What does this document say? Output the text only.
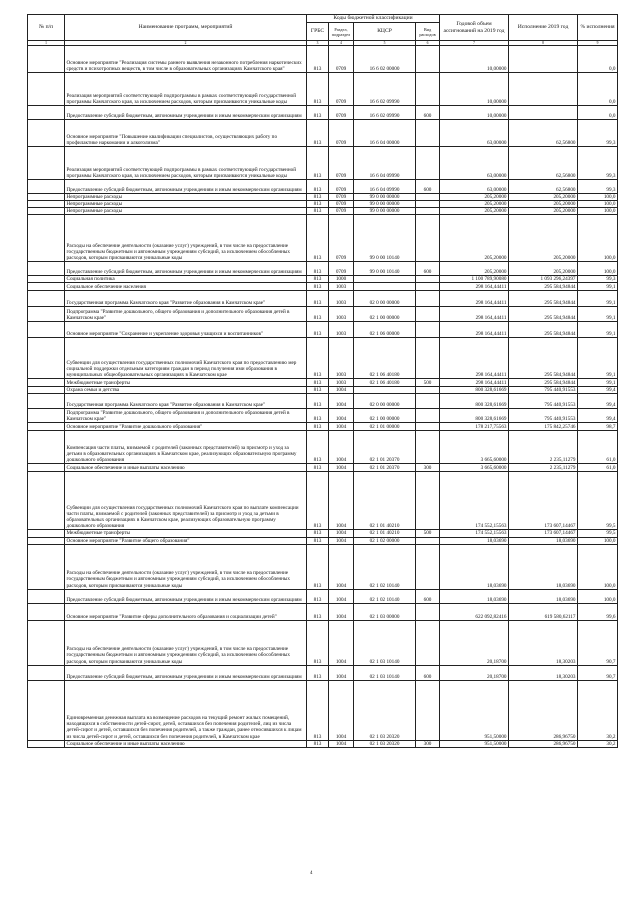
№ п/п	Наименование программ, мероприятий	Коды бюджетной классификации				Годовой объем ассигнований на 2019 год	Исполнение 2019 год	% исполнения
		ГРБС	Раздел, подраздел	КЦСР	Вид расходов			
1	2	3	4	5	6	7	8	9
	Основное мероприятие "Реализация системы раннего выявления незаконного потребления наркотических средств и психотропных веществ, в том числе в образовательных организациях Камчатского края"	813	0709	16 6 02 00000		10,00000		0,0
	Реализация мероприятий соответствующей подпрограммы в рамках соответствующей государственной программы Камчатского края, за исключением расходов, которым присваиваются уникальные коды	813	0709	16 6 02 09990		10,00000		0,0
	Предоставление субсидий бюджетным, автономным учреждениям и иным некоммерческим организациям	813	0709	16 6 02 09990	600	10,00000		0,0
	Основное мероприятие "Повышение квалификации специалистов, осуществляющих работу по профилактике наркомании и алкоголизма"	813	0709	16 6 04 00000		63,00000	62,56800	99,3
	Реализация мероприятий соответствующей подпрограммы в рамках соответствующей государственной программы Камчатского края, за исключением расходов, которым присваиваются уникальные коды	813	0709	16 6 04 09990		63,00000	62,56800	99,3
	Предоставление субсидий бюджетным, автономным учреждениям и иным некоммерческим организациям	813	0709	16 6 04 09990	600	63,00000	62,56800	99,3
	Непрограммные расходы	813	0709	99 0 00 00000		205,20000	205,20000	100,0
	Непрограммные расходы	813	0709	99 0 00 00000		205,20000	205,20000	100,0
	Непрограммные расходы	813	0709	99 0 00 00000		205,20000	205,20000	100,0
	Расходы на обеспечение деятельности (оказание услуг) учреждений, в том числе на предоставление государственным бюджетным и автономным учреждениям субсидий, за исключением обособленных расходов, которым присваиваются уникальные коды	813	0709	99 0 00 10140		205,20000	205,20000	100,0
	Предоставление субсидий бюджетным, автономным учреждениям и иным некоммерческим организациям	813	0709	99 0 00 10140	600	205,20000	205,20000	100,0
	Социальная политика	813	1000			1 100 789,90080	1 093 296,24397	99,3
	Социальное обеспечение населения	813	1003			298 164,44411	295 584,94844	99,1
	Государственная программа Камчатского края "Развитие образования в Камчатском крае"	813	1003	02 0 00 00000		298 164,44411	295 584,94844	99,1
	Подпрограмма "Развитие дошкольного, общего образования и дополнительного образования детей в Камчатском крае"	813	1003	02 1 00 00000		298 164,44411	295 584,94844	99,1
	Основное мероприятие "Сохранение и укрепление здоровья учащихся и воспитанников"	813	1003	02 1 06 00000		298 164,44411	295 584,94844	99,1
	Субвенции для осуществления государственных полномочий Камчатского края по предоставлению мер социальной поддержки отдельным категориям граждан в период получения ими образования в муниципальных общеобразовательных организациях в Камчатском крае	813	1003	02 1 06 40180		298 164,44411	295 584,94844	99,1
	Межбюджетные трансферты	813	1003	02 1 06 40180	500	298 164,44411	295 584,94844	99,1
	Охрана семьи и детства	813	1004			800 328,61669	795 440,91553	99,4
	Государственная программа Камчатского края "Развитие образования в Камчатском крае"	813	1004	02 0 00 00000		800 328,61669	795 440,91553	99,4
	Подпрограмма "Развитие дошкольного, общего образования и дополнительного образования детей в Камчатском крае"	813	1004	02 1 00 00000		800 328,61669	795 440,91553	99,4
	Основное мероприятие "Развитие дошкольного образования"	813	1004	02 1 01 00000		178 217,75563	175 842,25746	98,7
	Компенсация части платы, взимаемой с родителей (законных представителей) за присмотр и уход за детьми в образовательных организациях в Камчатском крае, реализующих образовательную программу дошкольного образования	813	1004	02 1 01 20370		3 665,60000	2 235,11279	61,0
	Социальное обеспечение и иные выплаты населению	813	1004	02 1 01 20370	300	3 665,60000	2 235,11279	61,0
	Субвенции для осуществления государственных полномочий Камчатского края по выплате компенсации части платы, взимаемой с родителей (законных представителей) за присмотр и уход за детьми в образовательных организациях в Камчатском крае, реализующих образовательную программу дошкольного образования	813	1004	02 1 01 40210		174 552,15563	173 607,14467	99,5
	Межбюджетные трансферты	813	1004	02 1 01 40210	500	174 552,15563	173 607,14467	99,5
	Основное мероприятие "Развитие общего образования"	813	1004	02 1 02 00000		18,03690	18,03690	100,0
	Расходы на обеспечение деятельности (оказание услуг) учреждений, в том числе на предоставление государственным бюджетным и автономным учреждениям субсидий, за исключением обособленных расходов, которым присваиваются уникальные коды	813	1004	02 1 02 10140		18,03690	18,03690	100,0
	Предоставление субсидий бюджетным, автономным учреждениям и иным некоммерческим организациям	813	1004	02 1 02 10140	600	18,03690	18,03690	100,0
	Основное мероприятие "Развитие сферы дополнительного образования и социализации детей"	813	1004	02 1 03 00000		622 092,82416	619 580,62117	99,6
	Расходы на обеспечение деятельности (оказание услуг) учреждений, в том числе на предоставление государственным бюджетным и автономным учреждениям субсидий, за исключением обособленных расходов, которым присваиваются уникальные коды	813	1004	02 1 03 10140		20,18700	18,30203	90,7
	Предоставление субсидий бюджетным, автономным учреждениям и иным некоммерческим организациям	813	1004	02 1 03 10140	600	20,18700	18,30203	90,7
	Единовременная денежная выплата на возмещение расходов на текущий ремонт жилых помещений, находящихся в собственности детей-сирот, детей, оставшихся без попечения родителей, лиц из числа детей-сирот и детей, оставшихся без попечения родителей, а также граждан, ранее относившихся к лицам из числа детей-сирот и детей, оставшихся без попечения родителей, в Камчатском крае	813	1004	02 1 03 20320		951,50000	286,96750	30,2
	Социальное обеспечение и иные выплаты населению	813	1004	02 1 03 20320	300	951,50000	286,96750	30,2
4
